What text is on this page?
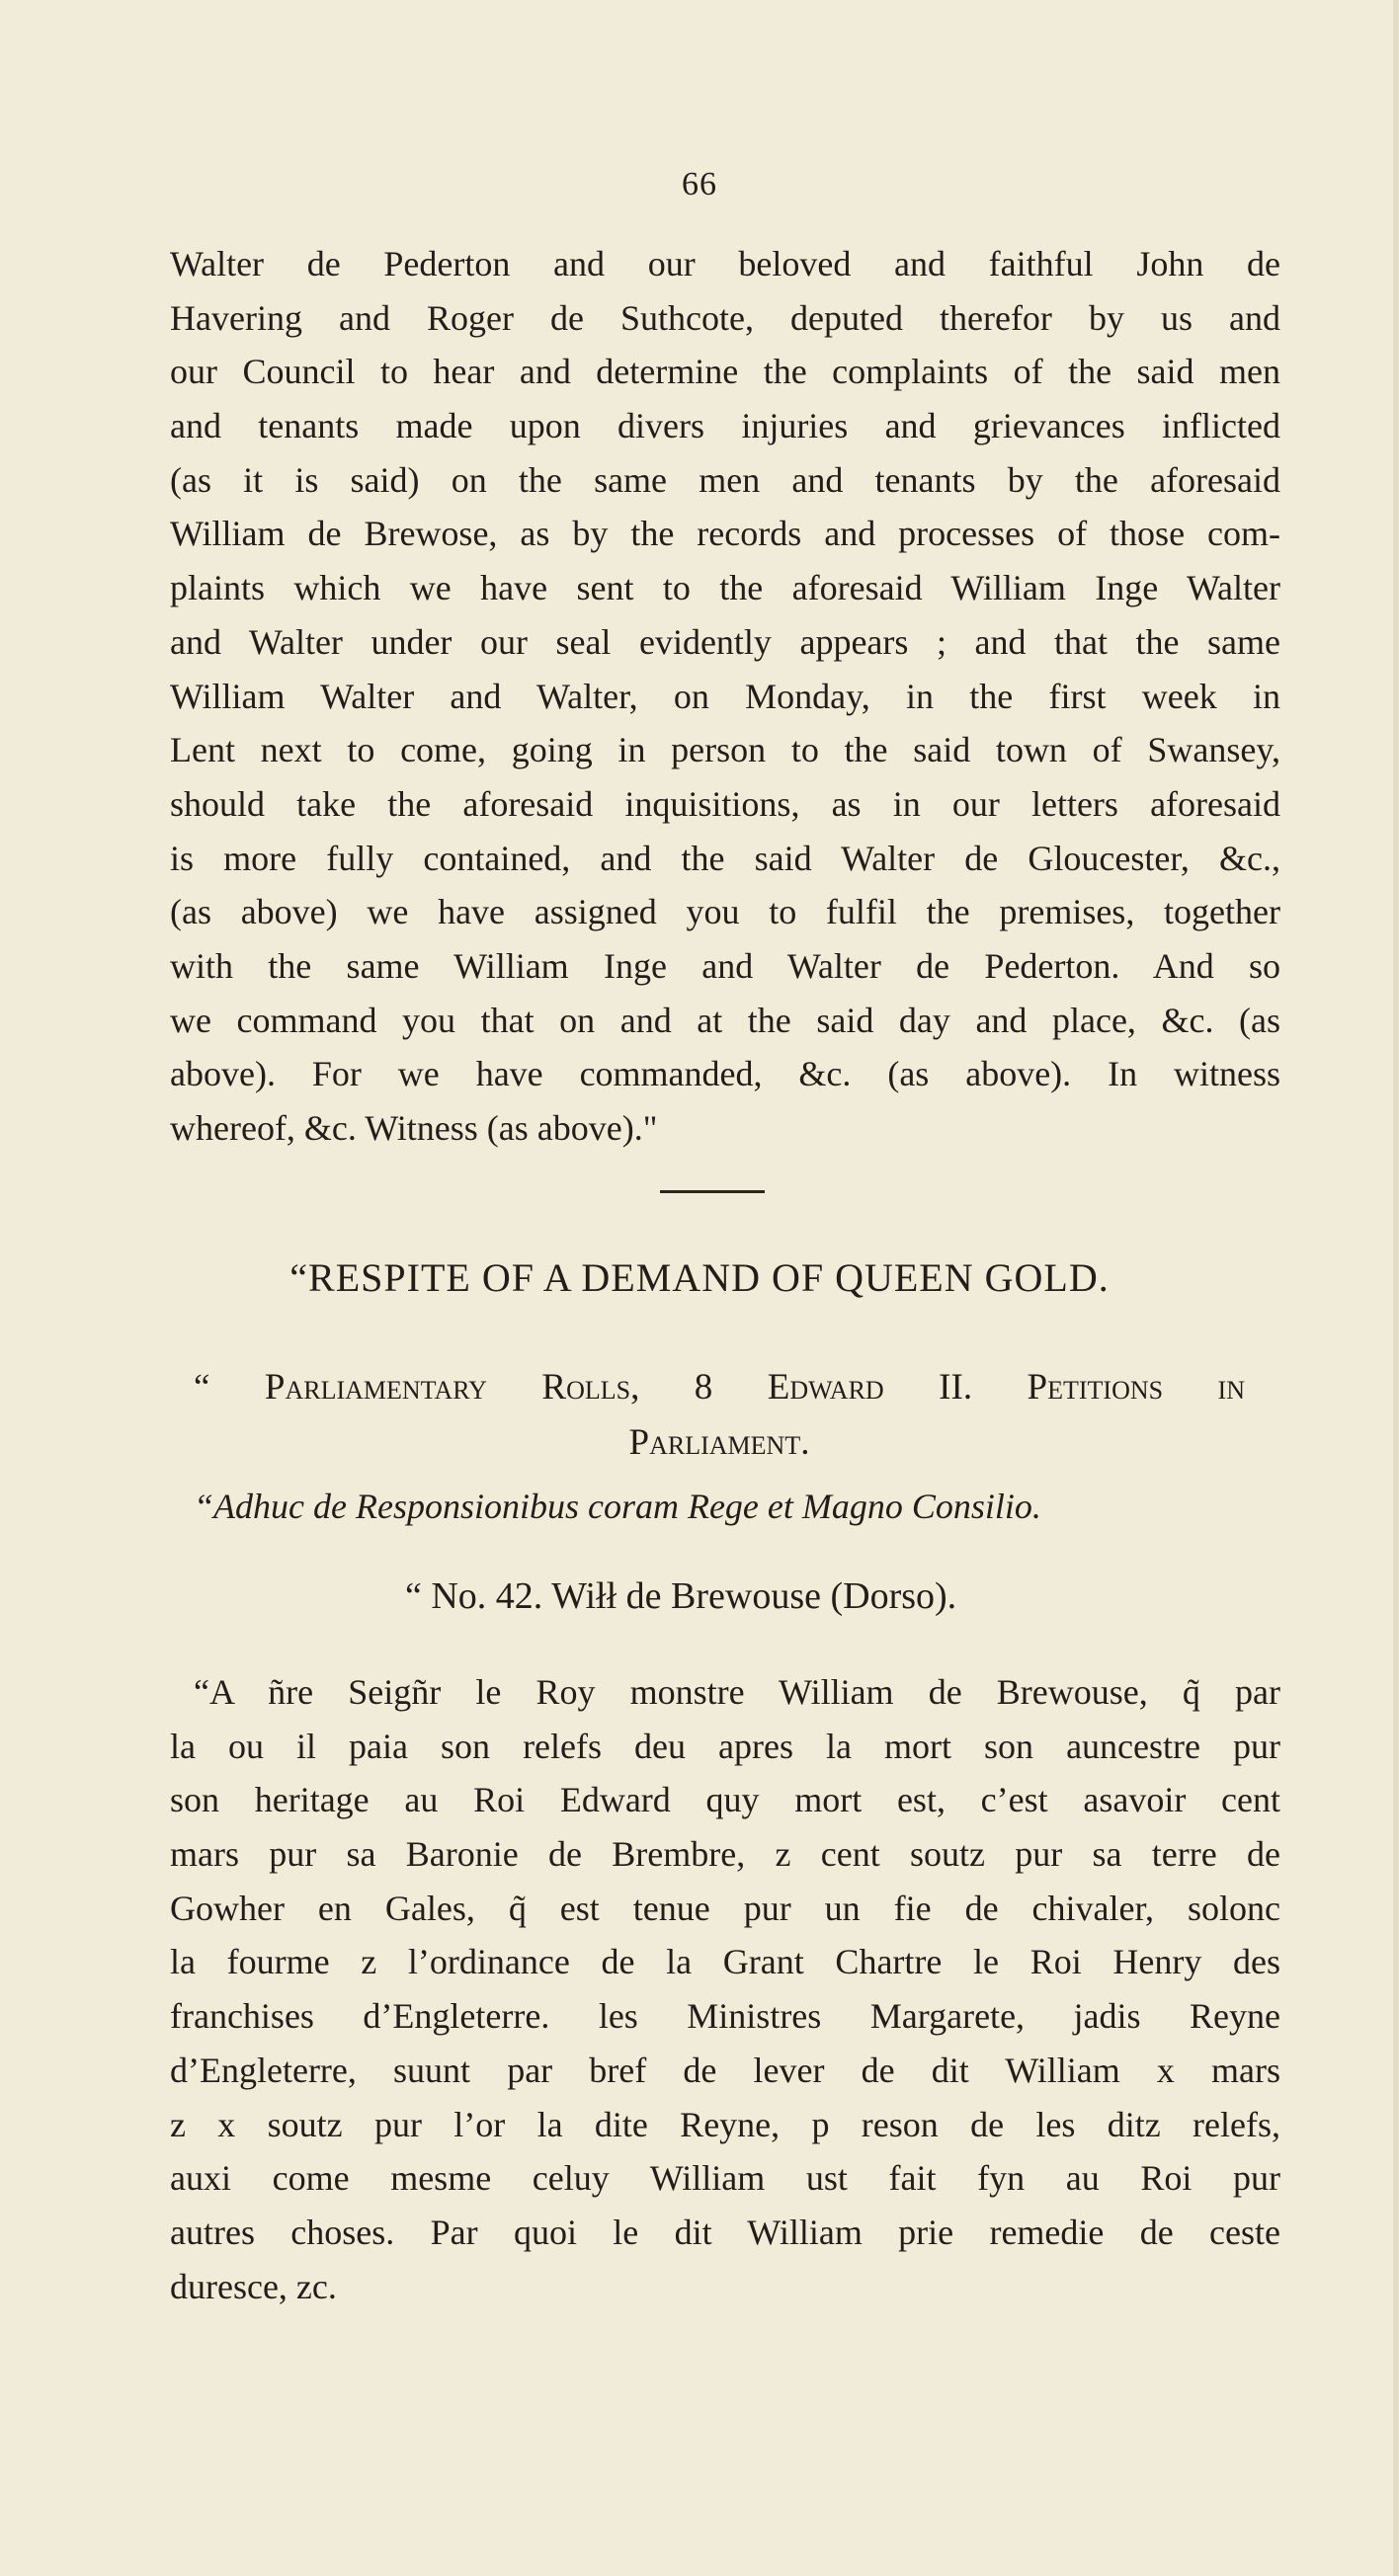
66
Walter de Pederton and our beloved and faithful John de
Havering and Roger de Suthcote, deputed therefor by us and
our Council to hear and determine the complaints of the said men
and tenants made upon divers injuries and grievances inflicted
(as it is said) on the same men and tenants by the aforesaid
William de Brewose, as by the records and processes of those com-
plaints which we have sent to the aforesaid William Inge Walter
and Walter under our seal evidently appears ; and that the same
William Walter and Walter, on Monday, in the first week in
Lent next to come, going in person to the said town of Swansey,
should take the aforesaid inquisitions, as in our letters aforesaid
is more fully contained, and the said Walter de Gloucester, &c.,
(as above) we have assigned you to fulfil the premises, together
with the same William Inge and Walter de Pederton. And so
we command you that on and at the said day and place, &c. (as
above). For we have commanded, &c. (as above). In witness
whereof, &c. Witness (as above)."
“RESPITE OF A DEMAND OF QUEEN GOLD.
“ Parliamentary Rolls, 8 Edward II. Petitions in
Parliament.
“Adhuc de Responsionibus coram Rege et Magno Consilio.
“ No. 42. Wiłł de Brewouse (Dorso).
“A ñre Seigñr le Roy monstre William de Brewouse, q̃ par
la ou il paia son relefs deu apres la mort son auncestre pur
son heritage au Roi Edward quy mort est, c’est asavoir cent
mars pur sa Baronie de Brembre, z cent soutz pur sa terre de
Gowher en Gales, q̃ est tenue pur un fie de chivaler, solonc
la fourme z l’ordinance de la Grant Chartre le Roi Henry des
franchises d’Engleterre. les Ministres Margarete, jadis Reyne
d’Engleterre, suunt par bref de lever de dit William x mars
z x soutz pur l’or la dite Reyne, p reson de les ditz relefs,
auxi come mesme celuy William ust fait fyn au Roi pur
autres choses. Par quoi le dit William prie remedie de ceste
duresce, zc.
